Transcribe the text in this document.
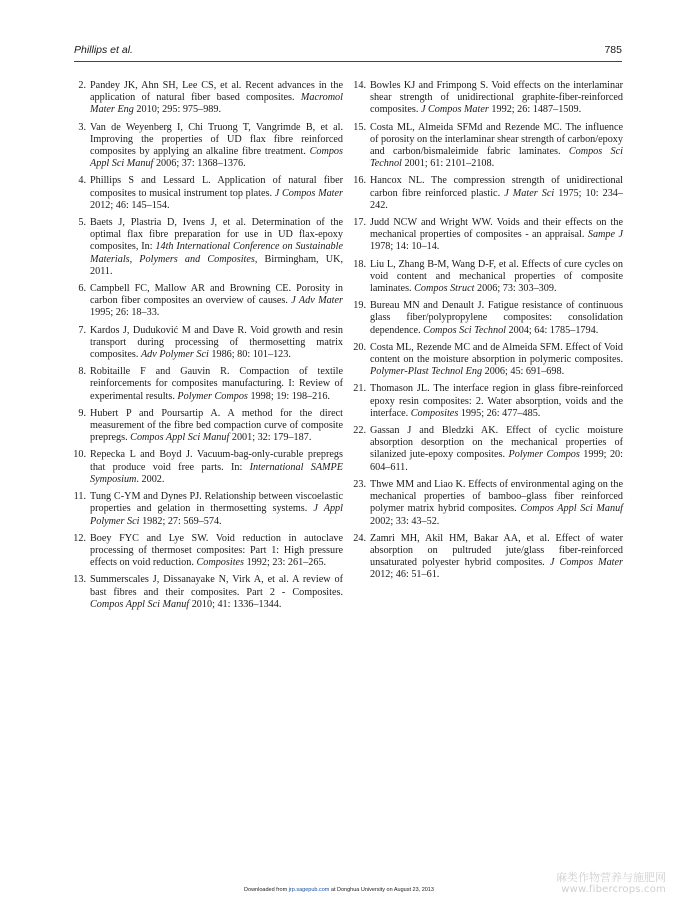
Phillips et al.	785
2. Pandey JK, Ahn SH, Lee CS, et al. Recent advances in the application of natural fiber based composites. Macromol Mater Eng 2010; 295: 975–989.
3. Van de Weyenberg I, Chi Truong T, Vangrimde B, et al. Improving the properties of UD flax fibre reinforced composites by applying an alkaline fibre treatment. Compos Appl Sci Manuf 2006; 37: 1368–1376.
4. Phillips S and Lessard L. Application of natural fiber composites to musical instrument top plates. J Compos Mater 2012; 46: 145–154.
5. Baets J, Plastria D, Ivens J, et al. Determination of the optimal flax fibre preparation for use in UD flax-epoxy composites, In: 14th International Conference on Sustainable Materials, Polymers and Composites, Birmingham, UK, 2011.
6. Campbell FC, Mallow AR and Browning CE. Porosity in carbon fiber composites an overview of causes. J Adv Mater 1995; 26: 18–33.
7. Kardos J, Duduković M and Dave R. Void growth and resin transport during processing of thermosetting matrix composites. Adv Polymer Sci 1986; 80: 101–123.
8. Robitaille F and Gauvin R. Compaction of textile reinforcements for composites manufacturing. I: Review of experimental results. Polymer Compos 1998; 19: 198–216.
9. Hubert P and Poursartip A. A method for the direct measurement of the fibre bed compaction curve of composite prepregs. Compos Appl Sci Manuf 2001; 32: 179–187.
10. Repecka L and Boyd J. Vacuum-bag-only-curable prepregs that produce void free parts. In: International SAMPE Symposium. 2002.
11. Tung C-YM and Dynes PJ. Relationship between viscoelastic properties and gelation in thermosetting systems. J Appl Polymer Sci 1982; 27: 569–574.
12. Boey FYC and Lye SW. Void reduction in autoclave processing of thermoset composites: Part 1: High pressure effects on void reduction. Composites 1992; 23: 261–265.
13. Summerscales J, Dissanayake N, Virk A, et al. A review of bast fibres and their composites. Part 2 - Composites. Compos Appl Sci Manuf 2010; 41: 1336–1344.
14. Bowles KJ and Frimpong S. Void effects on the interlaminar shear strength of unidirectional graphite-fiber-reinforced composites. J Compos Mater 1992; 26: 1487–1509.
15. Costa ML, Almeida SFMd and Rezende MC. The influence of porosity on the interlaminar shear strength of carbon/epoxy and carbon/bismaleimide fabric laminates. Compos Sci Technol 2001; 61: 2101–2108.
16. Hancox NL. The compression strength of unidirectional carbon fibre reinforced plastic. J Mater Sci 1975; 10: 234–242.
17. Judd NCW and Wright WW. Voids and their effects on the mechanical properties of composites - an appraisal. Sampe J 1978; 14: 10–14.
18. Liu L, Zhang B-M, Wang D-F, et al. Effects of cure cycles on void content and mechanical properties of composite laminates. Compos Struct 2006; 73: 303–309.
19. Bureau MN and Denault J. Fatigue resistance of continuous glass fiber/polypropylene composites: consolidation dependence. Compos Sci Technol 2004; 64: 1785–1794.
20. Costa ML, Rezende MC and de Almeida SFM. Effect of Void content on the moisture absorption in polymeric composites. Polymer-Plast Technol Eng 2006; 45: 691–698.
21. Thomason JL. The interface region in glass fibre-reinforced epoxy resin composites: 2. Water absorption, voids and the interface. Composites 1995; 26: 477–485.
22. Gassan J and Bledzki AK. Effect of cyclic moisture absorption desorption on the mechanical properties of silanized jute-epoxy composites. Polymer Compos 1999; 20: 604–611.
23. Thwe MM and Liao K. Effects of environmental aging on the mechanical properties of bamboo–glass fiber reinforced polymer matrix hybrid composites. Compos Appl Sci Manuf 2002; 33: 43–52.
24. Zamri MH, Akil HM, Bakar AA, et al. Effect of water absorption on pultruded jute/glass fiber-reinforced unsaturated polyester hybrid composites. J Compos Mater 2012; 46: 51–61.
Downloaded from jrp.sagepub.com at Donghua University on August 23, 2013
麻类作物营养与施肥网
www.fibercrops.com
